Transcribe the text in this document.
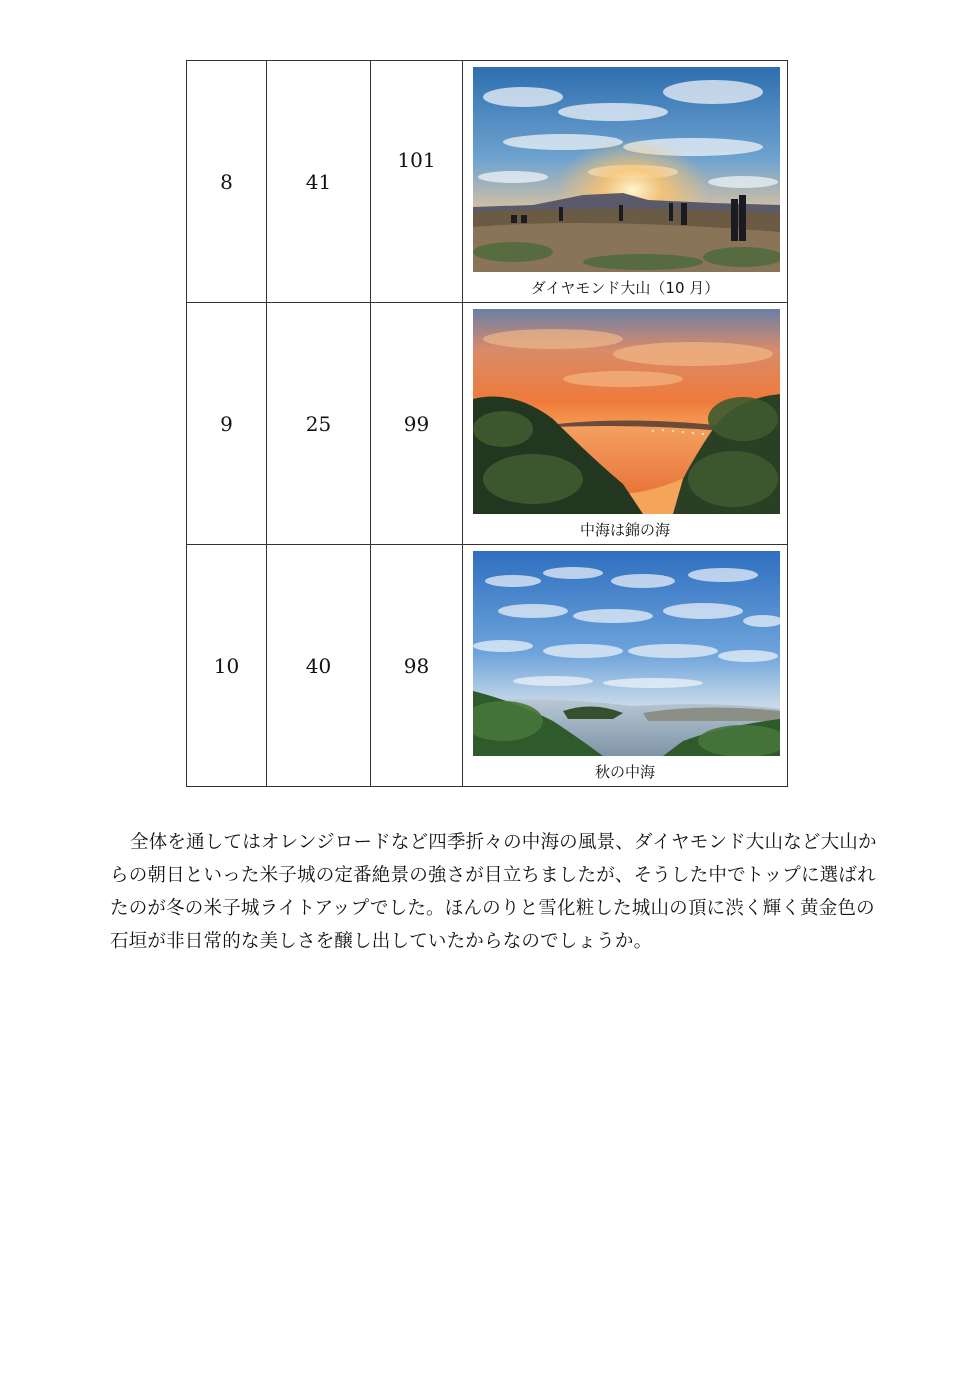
8	41	101	ダイヤモンド大山（10 月）

9	25	99	中海は錦の海

10	40	98	秋の中海

全体を通してはオレンジロードなど四季折々の中海の風景、ダイヤモンド大山など大山からの朝日といった米子城の定番絶景の強さが目立ちましたが、そうした中でトップに選ばれたのが冬の米子城ライトアップでした。ほんのりと雪化粧した城山の頂に渋く輝く黄金色の石垣が非日常的な美しさを醸し出していたからなのでしょうか。
